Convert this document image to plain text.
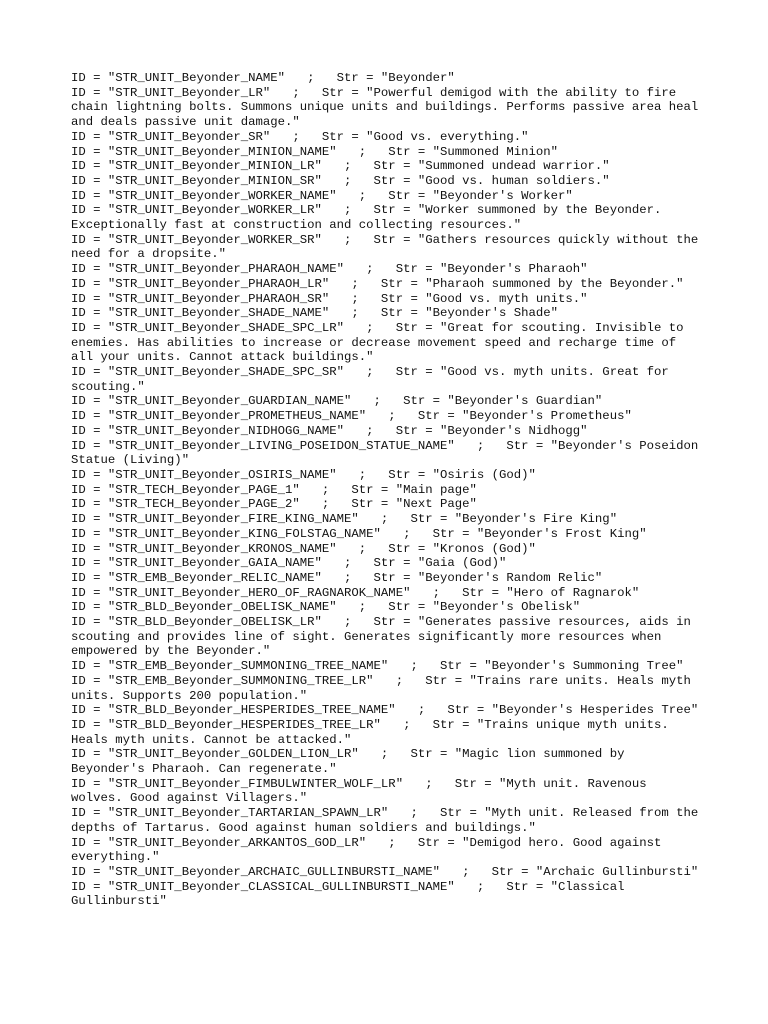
ID = "STR_UNIT_Beyonder_NAME"   ;   Str = "Beyonder"
ID = "STR_UNIT_Beyonder_LR"   ;   Str = "Powerful demigod with the ability to fire chain lightning bolts. Summons unique units and buildings. Performs passive area heal and deals passive unit damage."
ID = "STR_UNIT_Beyonder_SR"   ;   Str = "Good vs. everything."
ID = "STR_UNIT_Beyonder_MINION_NAME"   ;   Str = "Summoned Minion"
ID = "STR_UNIT_Beyonder_MINION_LR"   ;   Str = "Summoned undead warrior."
ID = "STR_UNIT_Beyonder_MINION_SR"   ;   Str = "Good vs. human soldiers."
ID = "STR_UNIT_Beyonder_WORKER_NAME"   ;   Str = "Beyonder's Worker"
ID = "STR_UNIT_Beyonder_WORKER_LR"   ;   Str = "Worker summoned by the Beyonder. Exceptionally fast at construction and collecting resources."
ID = "STR_UNIT_Beyonder_WORKER_SR"   ;   Str = "Gathers resources quickly without the need for a dropsite."
ID = "STR_UNIT_Beyonder_PHARAOH_NAME"   ;   Str = "Beyonder's Pharaoh"
ID = "STR_UNIT_Beyonder_PHARAOH_LR"   ;   Str = "Pharaoh summoned by the Beyonder."
ID = "STR_UNIT_Beyonder_PHARAOH_SR"   ;   Str = "Good vs. myth units."
ID = "STR_UNIT_Beyonder_SHADE_NAME"   ;   Str = "Beyonder's Shade"
ID = "STR_UNIT_Beyonder_SHADE_SPC_LR"   ;   Str = "Great for scouting. Invisible to enemies. Has abilities to increase or decrease movement speed and recharge time of all your units. Cannot attack buildings."
ID = "STR_UNIT_Beyonder_SHADE_SPC_SR"   ;   Str = "Good vs. myth units. Great for scouting."
ID = "STR_UNIT_Beyonder_GUARDIAN_NAME"   ;   Str = "Beyonder's Guardian"
ID = "STR_UNIT_Beyonder_PROMETHEUS_NAME"   ;   Str = "Beyonder's Prometheus"
ID = "STR_UNIT_Beyonder_NIDHOGG_NAME"   ;   Str = "Beyonder's Nidhogg"
ID = "STR_UNIT_Beyonder_LIVING_POSEIDON_STATUE_NAME"   ;   Str = "Beyonder's Poseidon Statue (Living)"
ID = "STR_UNIT_Beyonder_OSIRIS_NAME"   ;   Str = "Osiris (God)"
ID = "STR_TECH_Beyonder_PAGE_1"   ;   Str = "Main page"
ID = "STR_TECH_Beyonder_PAGE_2"   ;   Str = "Next Page"
ID = "STR_UNIT_Beyonder_FIRE_KING_NAME"   ;   Str = "Beyonder's Fire King"
ID = "STR_UNIT_Beyonder_KING_FOLSTAG_NAME"   ;   Str = "Beyonder's Frost King"
ID = "STR_UNIT_Beyonder_KRONOS_NAME"   ;   Str = "Kronos (God)"
ID = "STR_UNIT_Beyonder_GAIA_NAME"   ;   Str = "Gaia (God)"
ID = "STR_EMB_Beyonder_RELIC_NAME"   ;   Str = "Beyonder's Random Relic"
ID = "STR_UNIT_Beyonder_HERO_OF_RAGNAROK_NAME"   ;   Str = "Hero of Ragnarok"
ID = "STR_BLD_Beyonder_OBELISK_NAME"   ;   Str = "Beyonder's Obelisk"
ID = "STR_BLD_Beyonder_OBELISK_LR"   ;   Str = "Generates passive resources, aids in scouting and provides line of sight. Generates significantly more resources when empowered by the Beyonder."
ID = "STR_EMB_Beyonder_SUMMONING_TREE_NAME"   ;   Str = "Beyonder's Summoning Tree"
ID = "STR_EMB_Beyonder_SUMMONING_TREE_LR"   ;   Str = "Trains rare units. Heals myth units. Supports 200 population."
ID = "STR_BLD_Beyonder_HESPERIDES_TREE_NAME"   ;   Str = "Beyonder's Hesperides Tree"
ID = "STR_BLD_Beyonder_HESPERIDES_TREE_LR"   ;   Str = "Trains unique myth units. Heals myth units. Cannot be attacked."
ID = "STR_UNIT_Beyonder_GOLDEN_LION_LR"   ;   Str = "Magic lion summoned by Beyonder's Pharaoh. Can regenerate."
ID = "STR_UNIT_Beyonder_FIMBULWINTER_WOLF_LR"   ;   Str = "Myth unit. Ravenous wolves. Good against Villagers."
ID = "STR_UNIT_Beyonder_TARTARIAN_SPAWN_LR"   ;   Str = "Myth unit. Released from the depths of Tartarus. Good against human soldiers and buildings."
ID = "STR_UNIT_Beyonder_ARKANTOS_GOD_LR"   ;   Str = "Demigod hero. Good against everything."
ID = "STR_UNIT_Beyonder_ARCHAIC_GULLINBURSTI_NAME"   ;   Str = "Archaic Gullinbursti"
ID = "STR_UNIT_Beyonder_CLASSICAL_GULLINBURSTI_NAME"   ;   Str = "Classical Gullinbursti"
